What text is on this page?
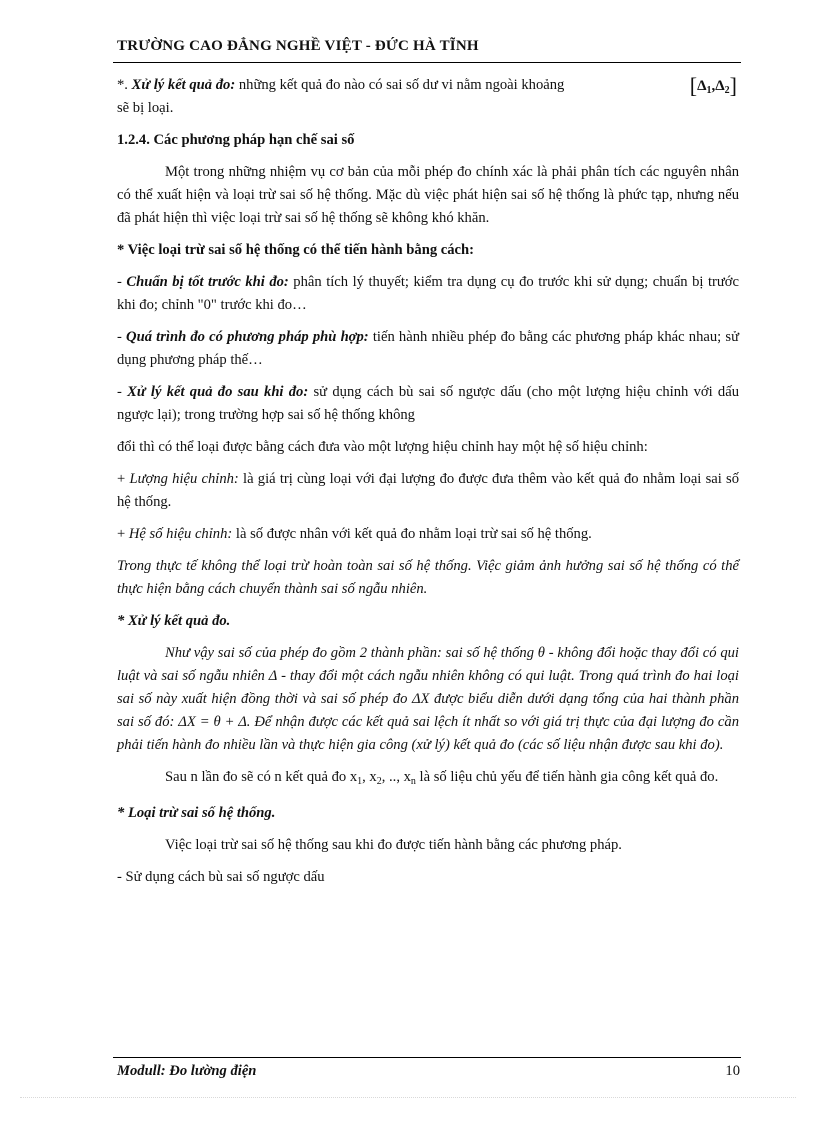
TRƯỜNG CAO ĐẲNG NGHỀ VIỆT - ĐỨC HÀ TĨNH

*. Xử lý kết quả đo: những kết quả đo nào có sai số dư vi nằm ngoài khoảng	$[\Delta_1,\Delta_2]$

sẽ bị loại.

1.2.4. Các phương pháp hạn chế sai số

Một trong những nhiệm vụ cơ bản của mỗi phép đo chính xác là phải phân tích các nguyên nhân có thể xuất hiện và loại trừ sai số hệ thống. Mặc dù việc phát hiện sai số hệ thống là phức tạp, nhưng nếu đã phát hiện thì việc loại trừ sai số hệ thống sẽ không khó khăn.

* Việc loại trừ sai số hệ thống có thể tiến hành bằng cách:

- Chuẩn bị tốt trước khi đo: phân tích lý thuyết; kiểm tra dụng cụ đo trước khi sử dụng; chuẩn bị trước khi đo; chỉnh "0" trước khi đo…

- Quá trình đo có phương pháp phù hợp: tiến hành nhiều phép đo bằng các phương pháp khác nhau; sử dụng phương pháp thế…

- Xử lý kết quả đo sau khi đo: sử dụng cách bù sai số ngược dấu (cho một lượng hiệu chỉnh với dấu ngược lại); trong trường hợp sai số hệ thống không

đổi thì có thể loại được bằng cách đưa vào một lượng hiệu chỉnh hay một hệ số hiệu chỉnh:

+ Lượng hiệu chỉnh: là giá trị cùng loại với đại lượng đo được đưa thêm vào kết quả đo nhằm loại sai số hệ thống.

+ Hệ số hiệu chỉnh: là số được nhân với kết quả đo nhằm loại trừ sai số hệ thống.

Trong thực tế không thể loại trừ hoàn toàn sai số hệ thống. Việc giảm ảnh hưởng sai số hệ thống có thể thực hiện bằng cách chuyển thành sai số ngẫu nhiên.

* Xử lý kết quả đo.

Như vậy sai số của phép đo gồm 2 thành phần: sai số hệ thống θ - không đổi hoặc thay đổi có qui luật và sai số ngẫu nhiên Δ - thay đổi một cách ngẫu nhiên không có qui luật. Trong quá trình đo hai loại sai số này xuất hiện đồng thời và sai số phép đo ΔX được biểu diễn dưới dạng tổng của hai thành phần sai số đó: ΔX = θ + Δ. Để nhận được các kết quả sai lệch ít nhất so với giá trị thực của đại lượng đo cần phải tiến hành đo nhiều lần và thực hiện gia công (xử lý) kết quả đo (các số liệu nhận được sau khi đo).

Sau n lần đo sẽ có n kết quả đo $x_1$, $x_2$, .., $x_n$ là số liệu chủ yếu để tiến hành gia công kết quả đo.

* Loại trừ sai số hệ thống.

Việc loại trừ sai số hệ thống sau khi đo được tiến hành bằng các phương pháp.

- Sử dụng cách bù sai số ngược dấu

Modull: Đo lường điện	10
